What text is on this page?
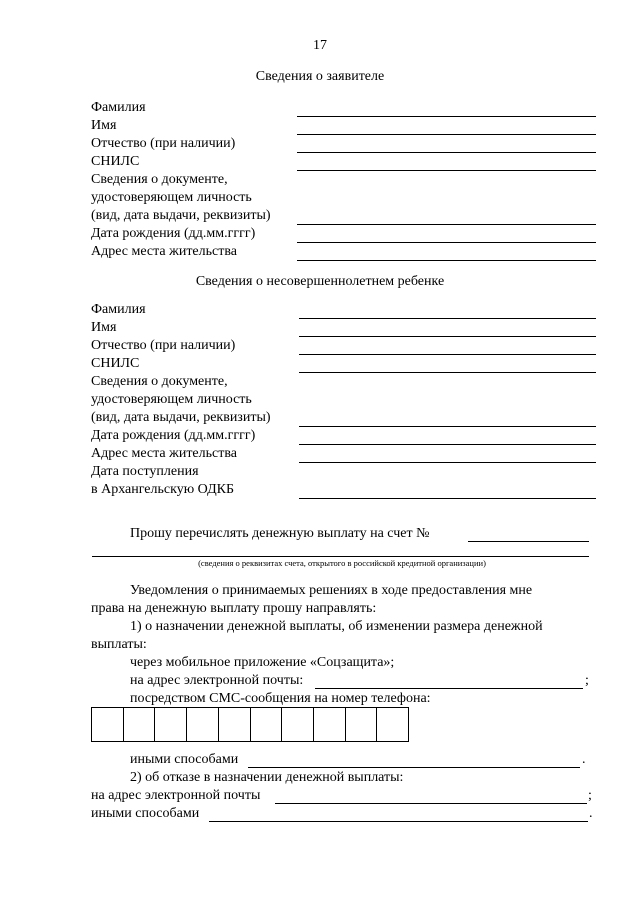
17
Сведения о заявителе
Фамилия
Имя
Отчество (при наличии)
СНИЛС
Сведения о документе,
удостоверяющем личность
(вид, дата выдачи, реквизиты)
Дата рождения (дд.мм.гггг)
Адрес места жительства
Сведения о несовершеннолетнем ребенке
Фамилия
Имя
Отчество (при наличии)
СНИЛС
Сведения о документе,
удостоверяющем личность
(вид, дата выдачи, реквизиты)
Дата рождения (дд.мм.гггг)
Адрес места жительства
Дата поступления
в Архангельскую ОДКБ
Прошу перечислять денежную выплату на счет №
(сведения о реквизитах счета, открытого в российской кредитной организации)
Уведомления о принимаемых решениях в ходе предоставления мне
права на денежную выплату прошу направлять:
1) о назначении денежной выплаты, об изменении размера денежной
выплаты:
через мобильное приложение «Соцзащита»;
на адрес электронной почты:	;
посредством СМС-сообщения на номер телефона:
иными способами	.
2) об отказе в назначении денежной выплаты:
на адрес электронной почты	;
иными способами	.
